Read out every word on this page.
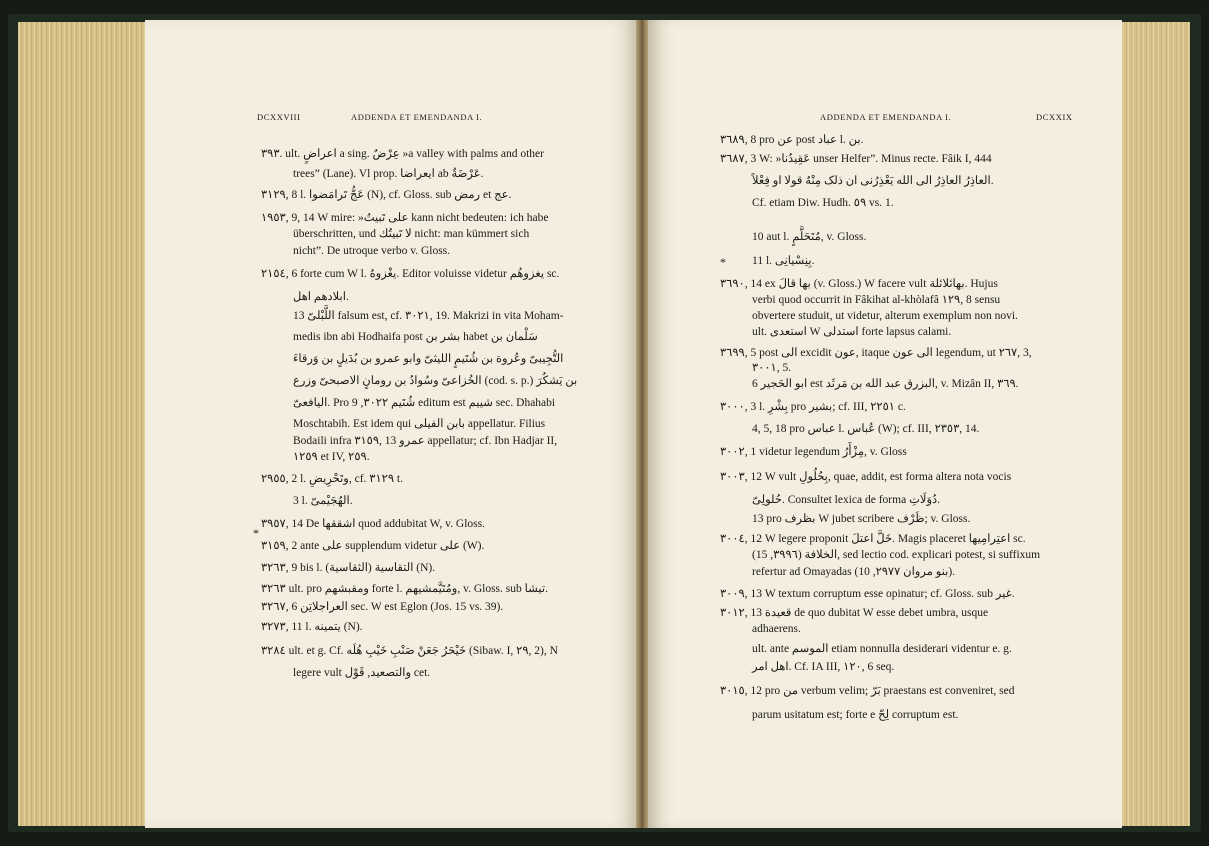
DCXXVIII	ADDENDA ET EMENDANDA I.
*
٣٩٣. ult. اعراضٍ a sing. عِرْضٌ »a valley with palms and other
trees” (Lane). Vl prop. ایعراضا ab عَرْضَةٌ.
٣١٢٩, 8 l. عَجُّ تَرامَضوا (N), cf. Gloss. sub رمض et عج.
١٩٥٣, 9, 14 W mire: »علی تَبیتُ kann nicht bedeuten: ich habe
überschritten, und لا تَبیتُك nicht: man kümmert sich
nicht”. De utroque verbo v. Gloss.
٢١٥٤, 6 forte cum W l. يغْزوهُ. Editor voluisse videtur يغزوهُم sc.
ابلادهم اهل.
13 اللَّبْلیّ falsum est, cf. ٣٠٢١, 19. Makrizi in vita Moham-
medis ibn abi Hodhaifa post بشر بن habet سَلْمان بن
التُّجِیبیّ وعُروة بن شُتَیمٍ اللیثیّ وابو عمرو بن بُدَیلٍ بن وَرقاءَ
الخُزاعیّ وسُوادُ بن رومانٍ الاصبحیّ وزرع (cod. s. p.) بن یَشکُرَ
الیافعیّ. Pro شُتَیم ٣٠٢٢, 9 editum est شییم sec. Dhahabi
Moschtabih. Est idem qui بابن الفیلی appellatur. Filius
Bodaili infra ٣١٥٩, 13 عمرو appellatur; cf. Ibn Hadjar II,
١٢٥٩ et IV, ٢٥٩.
٢٩٥٥, 2 l. وتَحْرِیضِ, cf. ٣١٢٩ t.
3 l. الهُجَیْمیّ.
٣٩٥٧, 14 De اشققها quod addubitat W, v. Gloss.
٣١٥٩, 2 ante علی supplendum videtur علی (W).
٣٢٦٣, 9 bis l. التقاسیة (الثقاسیة) (N).
٣٢٦٣ ult. pro ومقبشهم forte l. ومُتَیَّمشیهم, v. Gloss. sub تیشا.
٣٢٦٧, 6 العراجلاتِن sec. W est Eglon (Jos. 15 vs. 39).
٣٢٧٣, 11 l. یتمینه (N).
٣٢٨٤ ult. et g. Cf. خَیْحَرُ جَعَنْ صَنْبِ خَیْبِ هُلَه (Sibaw. I, ٢٩, 2), N
legere vult والتصعید, قَوْل cet.
ADDENDA ET EMENDANDA I.	DCXXIX
*
٣٦٨٩, 8 pro عن post عباد l. بن.
٣٦٨٧, 3 W: »عَقِیدُنا unser Helfer”. Minus recte. Fâik I, 444
العاذِرُ العاذِرُ الی الله یَعْذِرُنی ان ذلک مِنْهُ قولا او فِعْلاً.
Cf. etiam Diw. Hudh. ٥٩ vs. 1.
10 aut l. مُتَحَلَّمٍ, v. Gloss.
11 l. بِنِسْیانِی.
٣٦٩٠, 14 ex بها قالَ (v. Gloss.) W facere vult بهائلائلة. Hujus
verbi quod occurrit in Fâkihat al-khòlafâ ١٢٩, 8 sensu
obvertere studuit, ut videtur, alterum exemplum non novi.
ult. استعدی W استدلی forte lapsus calami.
٣٦٩٩, 5 post الی excidit عون, itaque الی عون legendum, ut ٢٦٧, 3,
٣٠٠١, 5.
6 ابو الحَجیر est البزرق عبد الله بن مَرثَد, v. Mizân II, ٣٦٩.
٣٠٠٠, 3 l. بِشْرِ pro بشیر; cf. III, ٢٢٥١ c.
4, 5, 18 pro عباس l. عُباس (W); cf. III, ٢٣٥٣, 14.
٣٠٠٢, 1 videtur legendum مِزْأَرُ, v. Gloss
٣٠٠٣, 12 W vult بِحُلُولِ, quae, addit, est forma altera nota vocis
حُلولِیّ. Consultet lexica de forma دُوَلَاتِ.
13 pro بظرف W jubet scribere ظَرْف; v. Gloss.
٣٠٠٤, 12 W legere proponit خَلَّ اعتلَ. Magis placeret اعتِرامِیها sc.
الخلافة (٣٩٩٦, 15), sed lectio cod. explicari potest, si suffixum
refertur ad Omayadas (بنو مروان ٢٩٧٧, 10).
٣٠٠٩, 13 W textum corruptum esse opinatur; cf. Gloss. sub غیر.
٣٠١٢, 13 قعیدة de quo dubitat W esse debet umbra, usque
adhaerens.
ult. ante الموسم etiam nonnulla desiderari videntur e. g.
اهل امر. Cf. IA III, ١٢٠, 6 seq.
٣٠١٥, 12 pro من verbum velim; بَرّ praestans est conveniret, sed
parum usitatum est; forte e لِحّ corruptum est.
